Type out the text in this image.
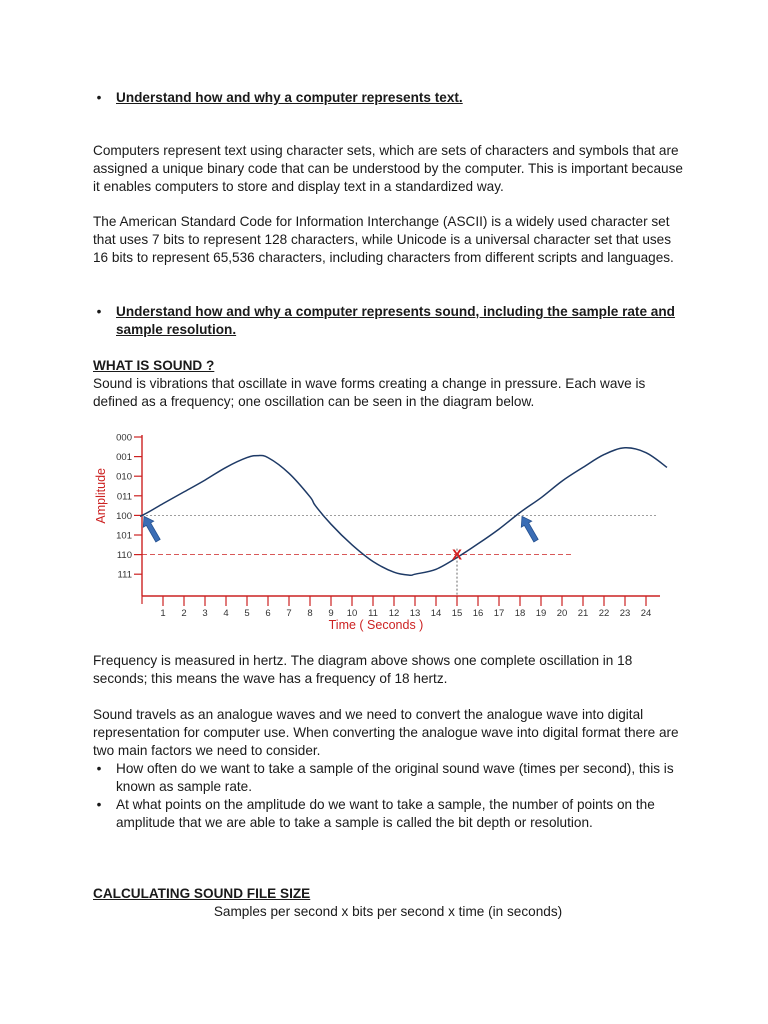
• Understand how and why a computer represents text.

Computers represent text using character sets, which are sets of characters and symbols that are assigned a unique binary code that can be understood by the computer. This is important because it enables computers to store and display text in a standardized way.

The American Standard Code for Information Interchange (ASCII) is a widely used character set that uses 7 bits to represent 128 characters, while Unicode is a universal character set that uses 16 bits to represent 65,536 characters, including characters from different scripts and languages.

• Understand how and why a computer represents sound, including the sample rate and sample resolution.

WHAT IS SOUND ?

Sound is vibrations that oscillate in wave forms creating a change in pressure. Each wave is defined as a frequency; one oscillation can be seen in the diagram below.

000
001
010
011
100
101
110
111
1 2 3 4 5 6 7 8 9 10 11 12 13 14 15 16 17 18 19 20 21 22 23 24
Time ( Seconds )
Amplitude
X

Frequency is measured in hertz. The diagram above shows one complete oscillation in 18 seconds; this means the wave has a frequency of 18 hertz.

Sound travels as an analogue waves and we need to convert the analogue wave into digital representation for computer use. When converting the analogue wave into digital format there are two main factors we need to consider.

• How often do we want to take a sample of the original sound wave (times per second), this is known as sample rate.
• At what points on the amplitude do we want to take a sample, the number of points on the amplitude that we are able to take a sample is called the bit depth or resolution.

CALCULATING SOUND FILE SIZE

Samples per second x bits per second x time (in seconds)
